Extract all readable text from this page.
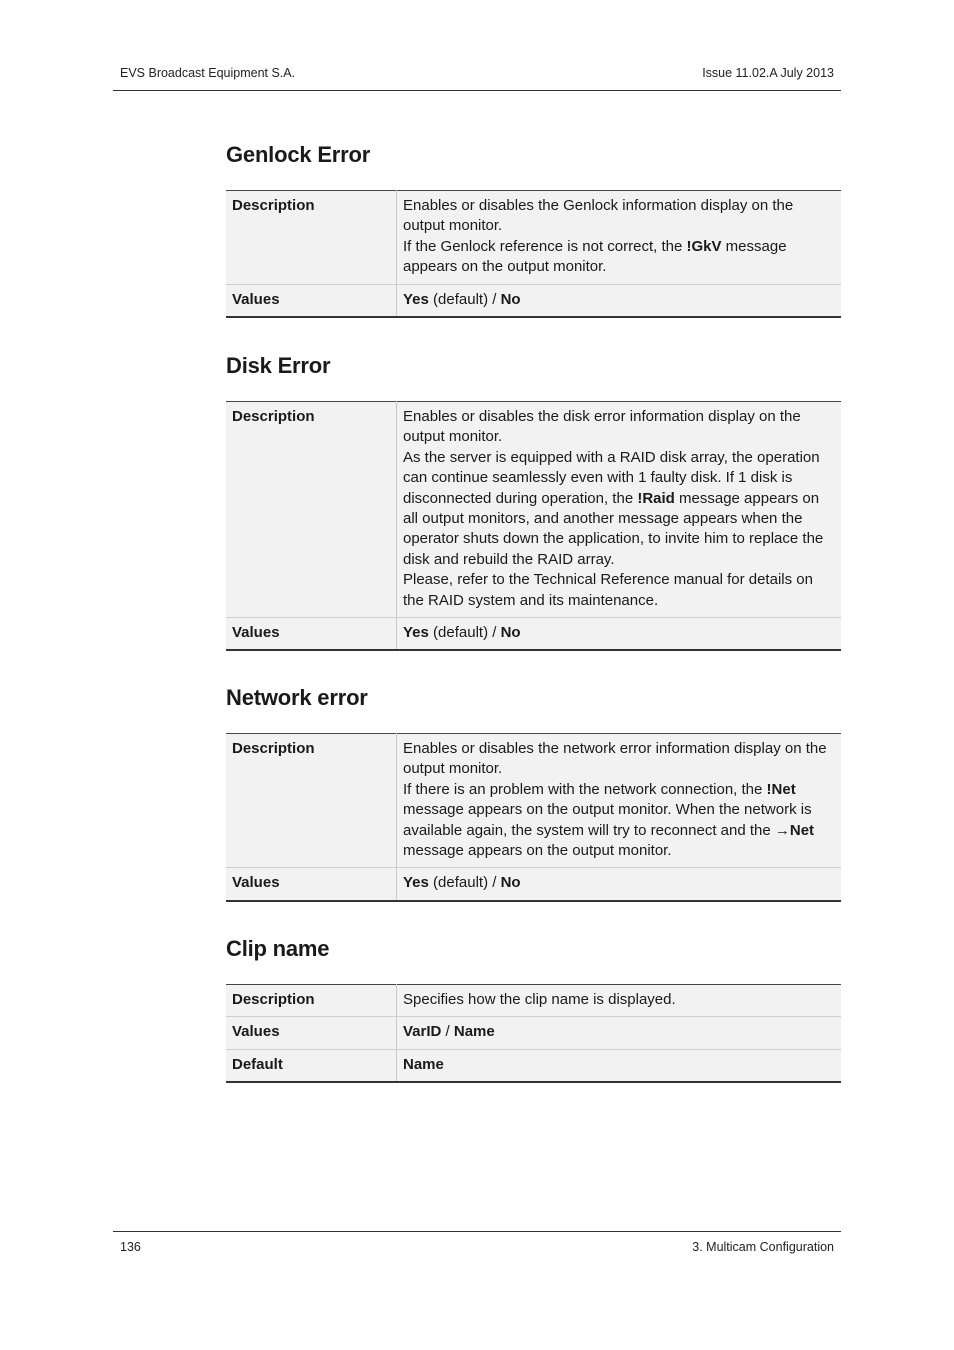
EVS Broadcast Equipment S.A.	Issue 11.02.A July 2013
Genlock Error
Description	Enables or disables the Genlock information display on the output monitor.
If the Genlock reference is not correct, the !GkV message appears on the output monitor.

Values	Yes (default) / No
Disk Error
Description	Enables or disables the disk error information display on the output monitor.
As the server is equipped with a RAID disk array, the operation can continue seamlessly even with 1 faulty disk. If 1 disk is disconnected during operation, the !Raid message appears on all output monitors, and another message appears when the operator shuts down the application, to invite him to replace the disk and rebuild the RAID array.
Please, refer to the Technical Reference manual for details on the RAID system and its maintenance.

Values	Yes (default) / No
Network error
Description	Enables or disables the network error information display on the output monitor.
If there is an problem with the network connection, the !Net message appears on the output monitor. When the network is available again, the system will try to reconnect and the →Net message appears on the output monitor.

Values	Yes (default) / No
Clip name
Description	Specifies how the clip name is displayed.
Values	VarID / Name
Default	Name
136	3. Multicam Configuration
